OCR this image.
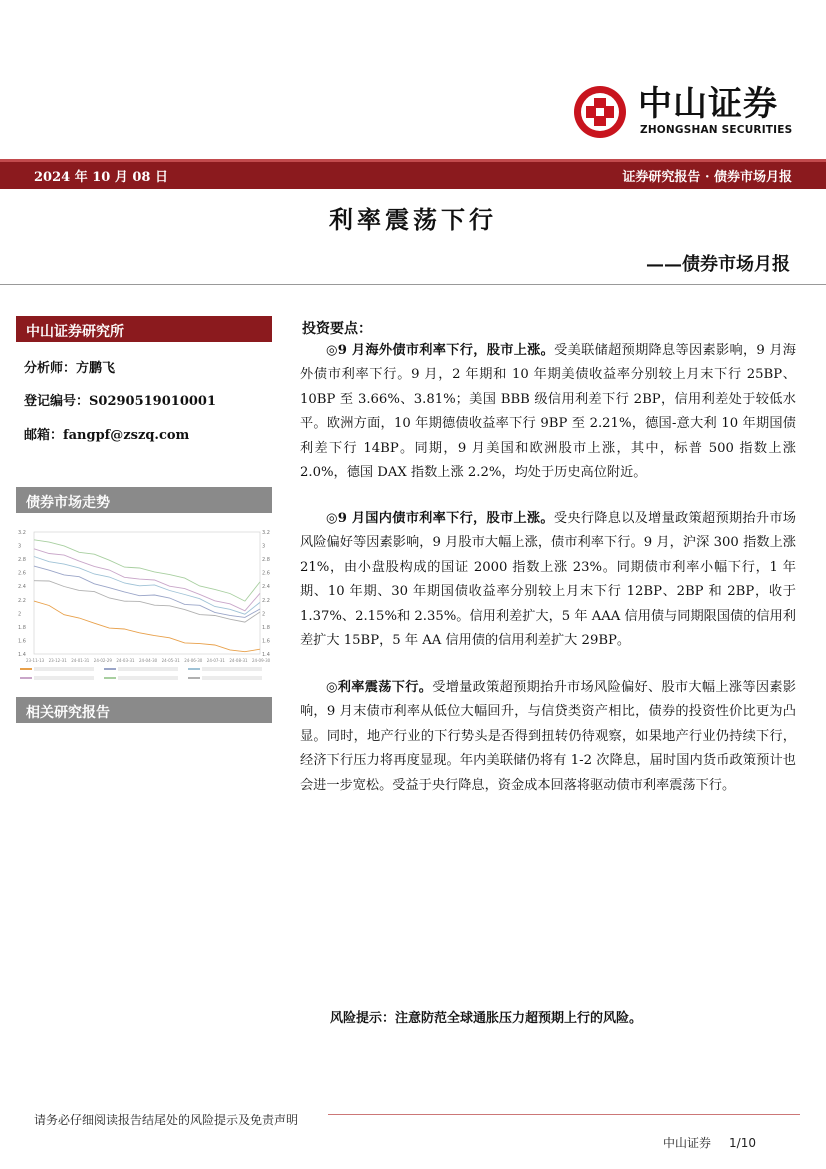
中山证券
ZHONGSHAN SECURITIES
2024 年 10 月 08 日	证券研究报告 · 债券市场月报
利率震荡下行
——债券市场月报
中山证券研究所
分析师：方鹏飞
登记编号：S0290519010001
邮箱：fangpf@zszq.com
债券市场走势
3.2
3
2.8
2.6
2.4
2.2
2
1.8
1.6
1.4
3.2
3
2.8
2.6
2.4
2.2
2
1.8
1.6
1.4
23-11-13 23-12-31 24-01-31 24-02-29 24-03-31 24-04-30 24-05-31 24-06-30 24-07-31 24-08-31 24-09-30
相关研究报告
投资要点：
◎9 月海外债市利率下行，股市上涨。受美联储超预期降息等因素影响，9 月海外债市利率下行。9 月，2 年期和 10 年期美债收益率分别较上月末下行 25BP、10BP 至 3.66%、3.81%；美国 BBB 级信用利差下行 2BP，信用利差处于较低水平。欧洲方面，10 年期德债收益率下行 9BP 至 2.21%，德国-意大利 10 年期国债利差下行 14BP。同期，9 月美国和欧洲股市上涨，其中，标普 500 指数上涨 2.0%，德国 DAX 指数上涨 2.2%，均处于历史高位附近。
◎9 月国内债市利率下行，股市上涨。受央行降息以及增量政策超预期抬升市场风险偏好等因素影响，9 月股市大幅上涨，债市利率下行。9 月，沪深 300 指数上涨 21%，由小盘股构成的国证 2000 指数上涨 23%。同期债市利率小幅下行，1 年期、10 年期、30 年期国债收益率分别较上月末下行 12BP、2BP 和 2BP，收于 1.37%、2.15%和 2.35%。信用利差扩大，5 年 AAA 信用债与同期限国债的信用利差扩大 15BP，5 年 AA 信用债的信用利差扩大 29BP。
◎利率震荡下行。受增量政策超预期抬升市场风险偏好、股市大幅上涨等因素影响，9 月末债市利率从低位大幅回升，与信贷类资产相比，债券的投资性价比更为凸显。同时，地产行业的下行势头是否得到扭转仍待观察，如果地产行业仍持续下行，经济下行压力将再度显现。年内美联储仍将有 1-2 次降息，届时国内货币政策预计也会进一步宽松。受益于央行降息，资金成本回落将驱动债市利率震荡下行。
风险提示：注意防范全球通胀压力超预期上行的风险。
请务必仔细阅读报告结尾处的风险提示及免责声明
中山证券 1/10
